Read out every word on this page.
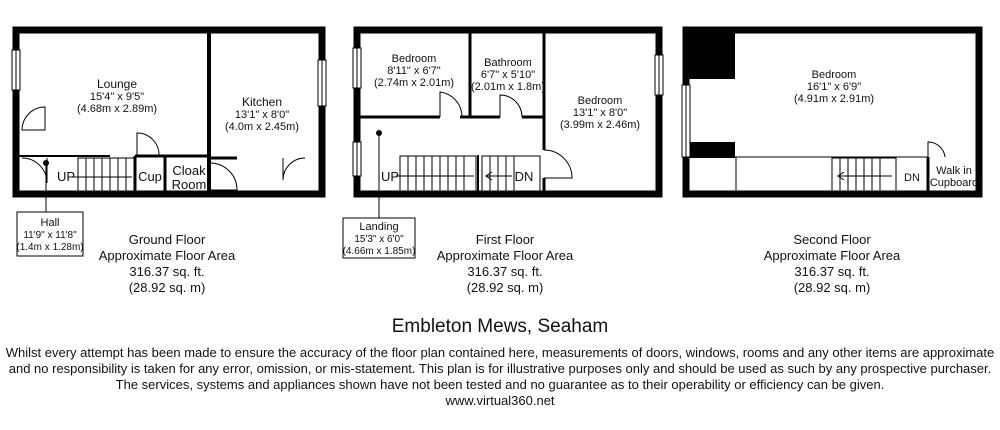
Lounge
15'4" x 9'5"
(4.68m x 2.89m)	Kitchen
13'1" x 8'0"
(4.0m x 2.45m)
UP	Cup Cloak
Room
Hall
11'9" x 11'8"
(1.4m x 1.28m)
Bedroom
8'11" x 6'7"
(2.74m x 2.01m)
Bathroom
6'7" x 5'10"
(2.01m x 1.8m)
Bedroom
13'1" x 8'0"
(3.99m x 2.46m)
UP	DN
Landing
15'3" x 6'0"
(4.66m x 1.85m)
Bedroom
16'1" x 6'9"
(4.91m x 2.91m)
DN
Walk in
Cupboard
Ground Floor
Approximate Floor Area
316.37 sq. ft.
(28.92 sq. m)
First Floor
Approximate Floor Area
316.37 sq. ft.
(28.92 sq. m)
Second Floor
Approximate Floor Area
316.37 sq. ft.
(28.92 sq. m)
Embleton Mews, Seaham
Whilst every attempt has been made to ensure the accuracy of the floor plan contained here, measurements of doors, windows, rooms and any other items are approximate
and no responsibility is taken for any error, omission, or mis-statement. This plan is for illustrative purposes only and should be used as such by any prospective purchaser.
The services, systems and appliances shown have not been tested and no guarantee as to their operability or efficiency can be given.
www.virtual360.net
